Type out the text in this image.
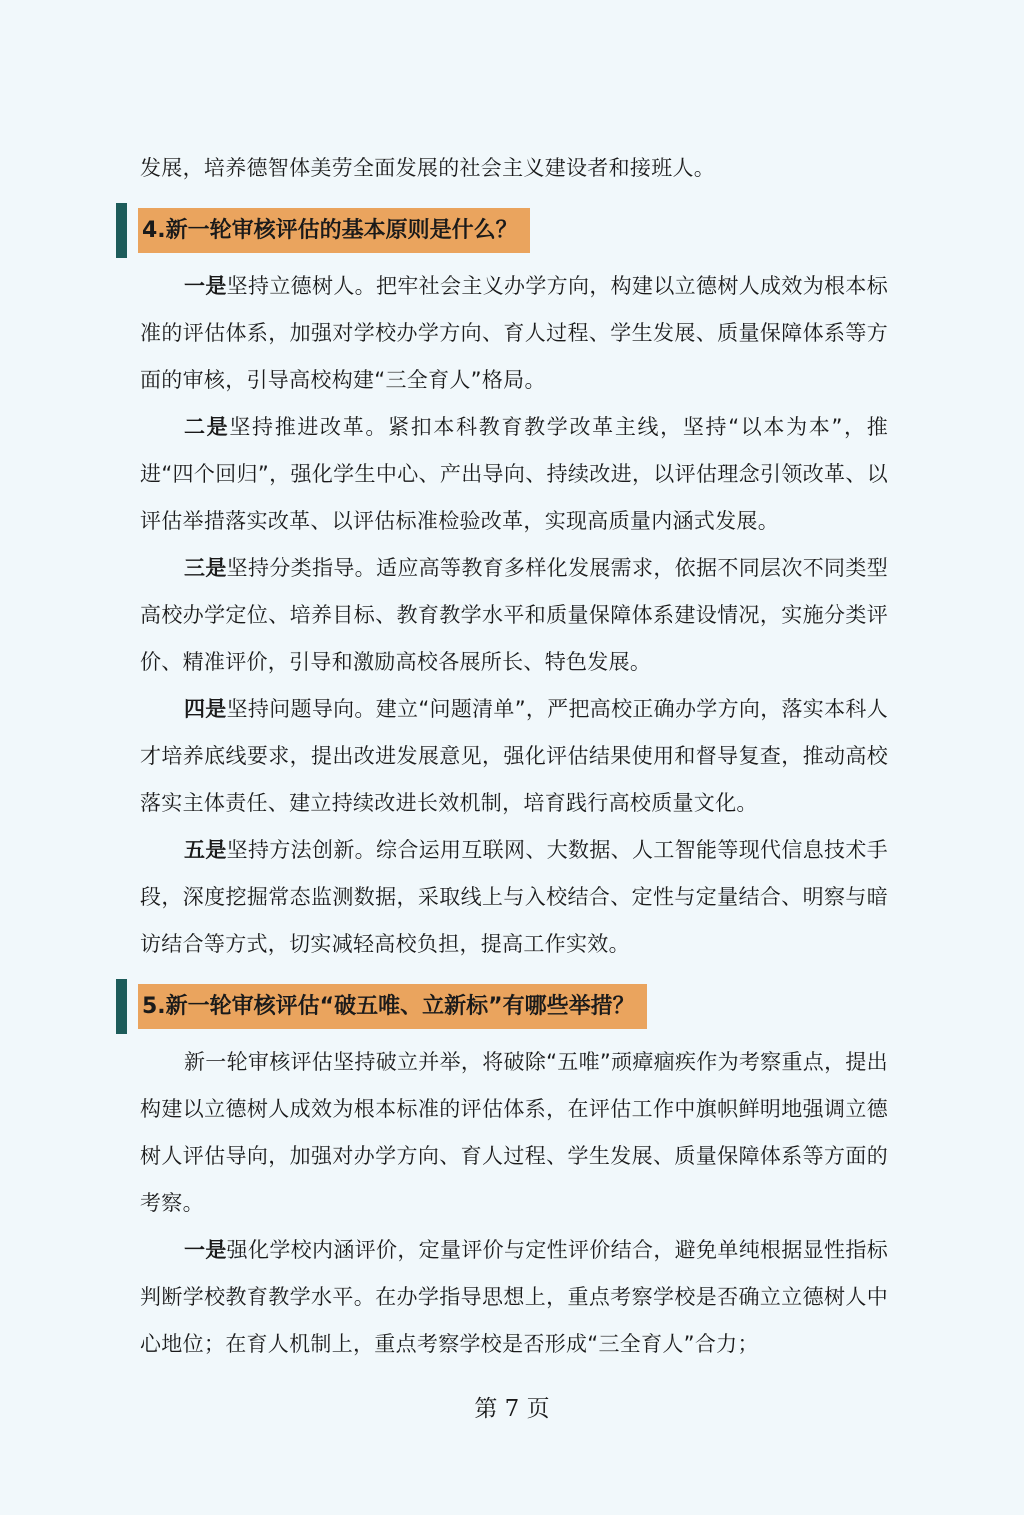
发展，培养德智体美劳全面发展的社会主义建设者和接班人。

4.新一轮审核评估的基本原则是什么？

一是坚持立德树人。把牢社会主义办学方向，构建以立德树人成效为根本标准的评估体系，加强对学校办学方向、育人过程、学生发展、质量保障体系等方面的审核，引导高校构建“三全育人”格局。

二是坚持推进改革。紧扣本科教育教学改革主线，坚持“以本为本”，推进“四个回归”，强化学生中心、产出导向、持续改进，以评估理念引领改革、以评估举措落实改革、以评估标准检验改革，实现高质量内涵式发展。

三是坚持分类指导。适应高等教育多样化发展需求，依据不同层次不同类型高校办学定位、培养目标、教育教学水平和质量保障体系建设情况，实施分类评价、精准评价，引导和激励高校各展所长、特色发展。

四是坚持问题导向。建立“问题清单”，严把高校正确办学方向，落实本科人才培养底线要求，提出改进发展意见，强化评估结果使用和督导复查，推动高校落实主体责任、建立持续改进长效机制，培育践行高校质量文化。

五是坚持方法创新。综合运用互联网、大数据、人工智能等现代信息技术手段，深度挖掘常态监测数据，采取线上与入校结合、定性与定量结合、明察与暗访结合等方式，切实减轻高校负担，提高工作实效。

5.新一轮审核评估“破五唯、立新标”有哪些举措？

新一轮审核评估坚持破立并举，将破除“五唯”顽瘴痼疾作为考察重点，提出构建以立德树人成效为根本标准的评估体系，在评估工作中旗帜鲜明地强调立德树人评估导向，加强对办学方向、育人过程、学生发展、质量保障体系等方面的考察。

一是强化学校内涵评价，定量评价与定性评价结合，避免单纯根据显性指标判断学校教育教学水平。在办学指导思想上，重点考察学校是否确立立德树人中心地位；在育人机制上，重点考察学校是否形成“三全育人”合力；

第 7 页
